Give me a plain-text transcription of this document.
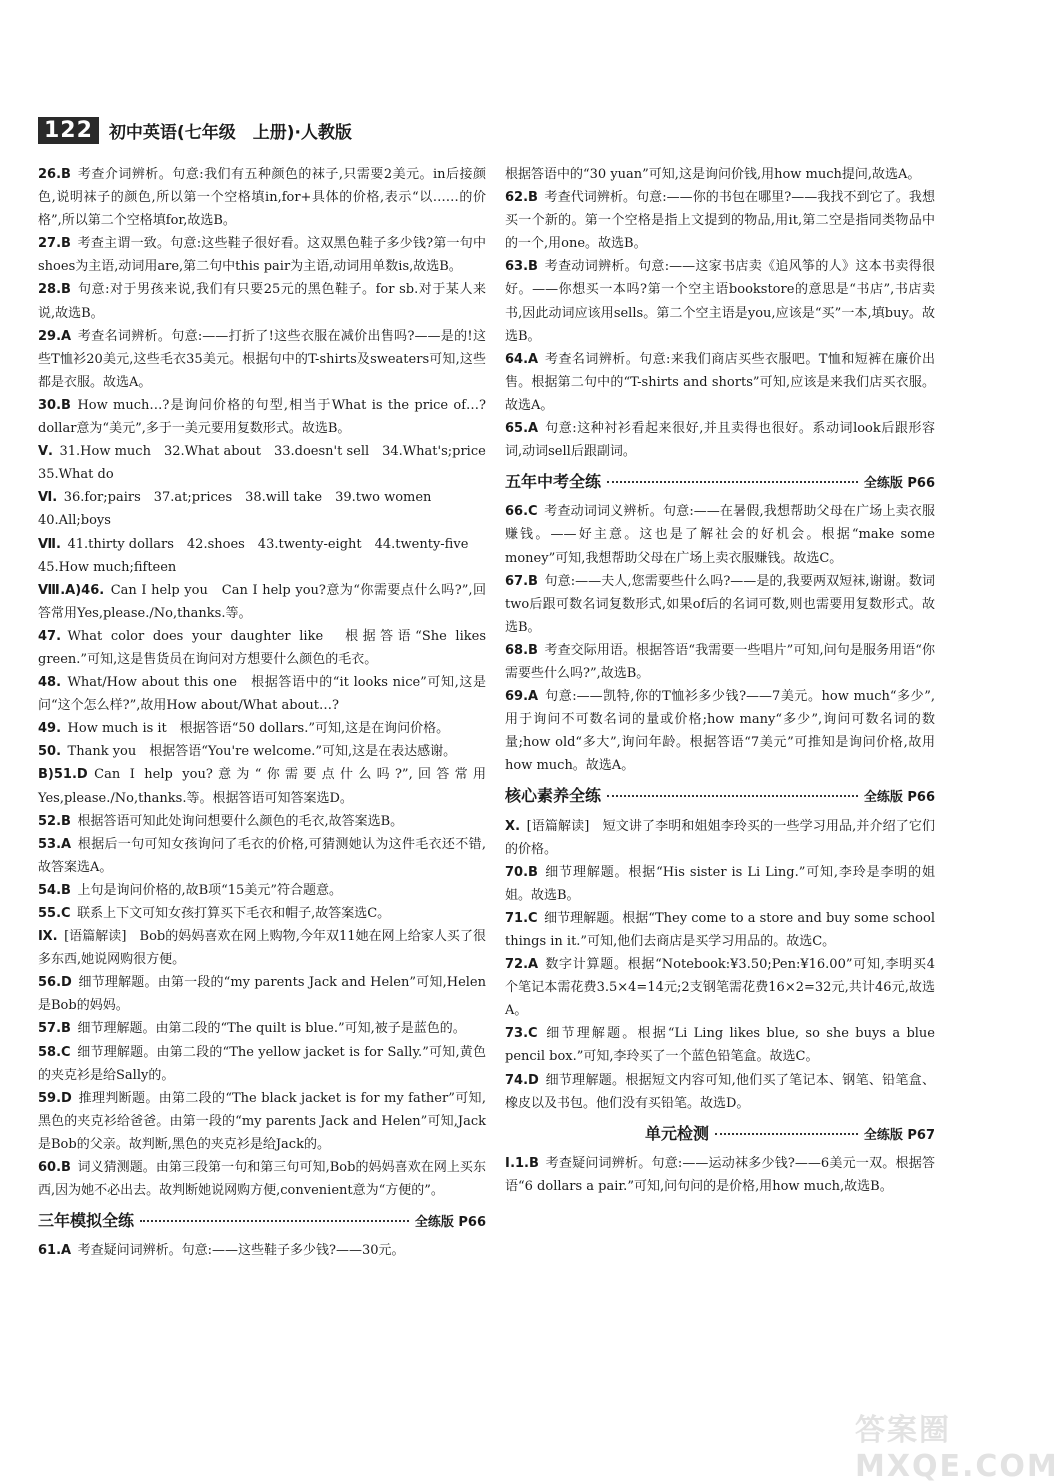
122 初中英语(七年级　上册)·人教版

26.B  考查介词辨析。句意:我们有五种颜色的袜子,只需要2美元。in后接颜色,说明袜子的颜色,所以第一个空格填in,for+具体的价格,表示“以……的价格”,所以第二个空格填for,故选B。

27.B  考查主谓一致。句意:这些鞋子很好看。这双黑色鞋子多少钱?第一句中shoes为主语,动词用are,第二句中this pair为主语,动词用单数is,故选B。

28.B  句意:对于男孩来说,我们有只要25元的黑色鞋子。for sb.对于某人来说,故选B。

29.A  考查名词辨析。句意:——打折了!这些衣服在减价出售吗?——是的!这些T恤衫20美元,这些毛衣35美元。根据句中的T-shirts及sweaters可知,这些都是衣服。故选A。

30.B  How much…?是询问价格的句型,相当于What is the price of…?dollar意为“美元”,多于一美元要用复数形式。故选B。

Ⅴ.  31.How much　32.What about　33.doesn't sell　34.What's;price

35.What do

Ⅵ.  36.for;pairs　37.at;prices　38.will take　39.two women

40.All;boys

Ⅶ.  41.thirty dollars　42.shoes　43.twenty-eight　44.twenty-five

45.How much;fifteen

Ⅷ.A)46.  Can I help you　Can I help you?意为“你需要点什么吗?”,回答常用Yes,please./No,thanks.等。

47.  What color does your daughter like　根据答语“She likes green.”可知,这是售货员在询问对方想要什么颜色的毛衣。

48.  What/How about this one　根据答语中的“it looks nice”可知,这是问“这个怎么样?”,故用How about/What about…?

49.  How much is it　根据答语“50 dollars.”可知,这是在询问价格。

50.  Thank you　根据答语“You're welcome.”可知,这是在表达感谢。

B)51.D  Can I help you?意为“你需要点什么吗?”,回答常用Yes,please./No,thanks.等。根据答语可知答案选D。

52.B  根据答语可知此处询问想要什么颜色的毛衣,故答案选B。

53.A  根据后一句可知女孩询问了毛衣的价格,可猜测她认为这件毛衣还不错,故答案选A。

54.B  上句是询问价格的,故B项“15美元”符合题意。

55.C  联系上下文可知女孩打算买下毛衣和帽子,故答案选C。

Ⅸ.  [语篇解读]　Bob的妈妈喜欢在网上购物,今年双11她在网上给家人买了很多东西,她说网购很方便。

56.D  细节理解题。由第一段的“my parents Jack and Helen”可知,Helen是Bob的妈妈。

57.B  细节理解题。由第二段的“The quilt is blue.”可知,被子是蓝色的。

58.C  细节理解题。由第二段的“The yellow jacket is for Sally.”可知,黄色的夹克衫是给Sally的。

59.D  推理判断题。由第二段的“The black jacket is for my father”可知,黑色的夹克衫给爸爸。由第一段的“my parents Jack and Helen”可知,Jack是Bob的父亲。故判断,黑色的夹克衫是给Jack的。

60.B  词义猜测题。由第三段第一句和第三句可知,Bob的妈妈喜欢在网上买东西,因为她不必出去。故判断她说网购方便,convenient意为“方便的”。

三年模拟全练	全练版 P66

61.A  考查疑问词辨析。句意:——这些鞋子多少钱?——30元。

根据答语中的“30 yuan”可知,这是询问价钱,用how much提问,故选A。

62.B  考查代词辨析。句意:——你的书包在哪里?——我找不到它了。我想买一个新的。第一个空格是指上文提到的物品,用it,第二空是指同类物品中的一个,用one。故选B。

63.B  考查动词辨析。句意:——这家书店卖《追风筝的人》这本书卖得很好。——你想买一本吗?第一个空主语bookstore的意思是“书店”,书店卖书,因此动词应该用sells。第二个空主语是you,应该是“买”一本,填buy。故选B。

64.A  考查名词辨析。句意:来我们商店买些衣服吧。T恤和短裤在廉价出售。根据第二句中的“T-shirts and shorts”可知,应该是来我们店买衣服。故选A。

65.A  句意:这种衬衫看起来很好,并且卖得也很好。系动词look后跟形容词,动词sell后跟副词。

五年中考全练	全练版 P66

66.C  考查动词词义辨析。句意:——在暑假,我想帮助父母在广场上卖衣服赚钱。——好主意。这也是了解社会的好机会。根据“make some money”可知,我想帮助父母在广场上卖衣服赚钱。故选C。

67.B  句意:——夫人,您需要些什么吗?——是的,我要两双短袜,谢谢。数词two后跟可数名词复数形式,如果of后的名词可数,则也需要用复数形式。故选B。

68.B  考查交际用语。根据答语“我需要一些唱片”可知,问句是服务用语“你需要些什么吗?”,故选B。

69.A  句意:——凯特,你的T恤衫多少钱?——7美元。how much“多少”,用于询问不可数名词的量或价格;how many“多少”,询问可数名词的数量;how old“多大”,询问年龄。根据答语“7美元”可推知是询问价格,故用how much。故选A。

核心素养全练	全练版 P66

Ⅹ.  [语篇解读]　短文讲了李明和姐姐李玲买的一些学习用品,并介绍了它们的价格。

70.B  细节理解题。根据“His sister is Li Ling.”可知,李玲是李明的姐姐。故选B。

71.C  细节理解题。根据“They come to a store and buy some school things in it.”可知,他们去商店是买学习用品的。故选C。

72.A  数字计算题。根据“Notebook:¥3.50;Pen:¥16.00”可知,李明买4个笔记本需花费3.5×4=14元;2支钢笔需花费16×2=32元,共计46元,故选A。

73.C  细节理解题。根据“Li Ling likes blue, so she buys a blue pencil box.”可知,李玲买了一个蓝色铅笔盒。故选C。

74.D  细节理解题。根据短文内容可知,他们买了笔记本、钢笔、铅笔盒、橡皮以及书包。他们没有买铅笔。故选D。

单元检测	全练版 P67

Ⅰ.1.B  考查疑问词辨析。句意:——运动袜多少钱?——6美元一双。根据答语“6 dollars a pair.”可知,问句问的是价格,用how much,故选B。

答案圈 MXQE.COM
